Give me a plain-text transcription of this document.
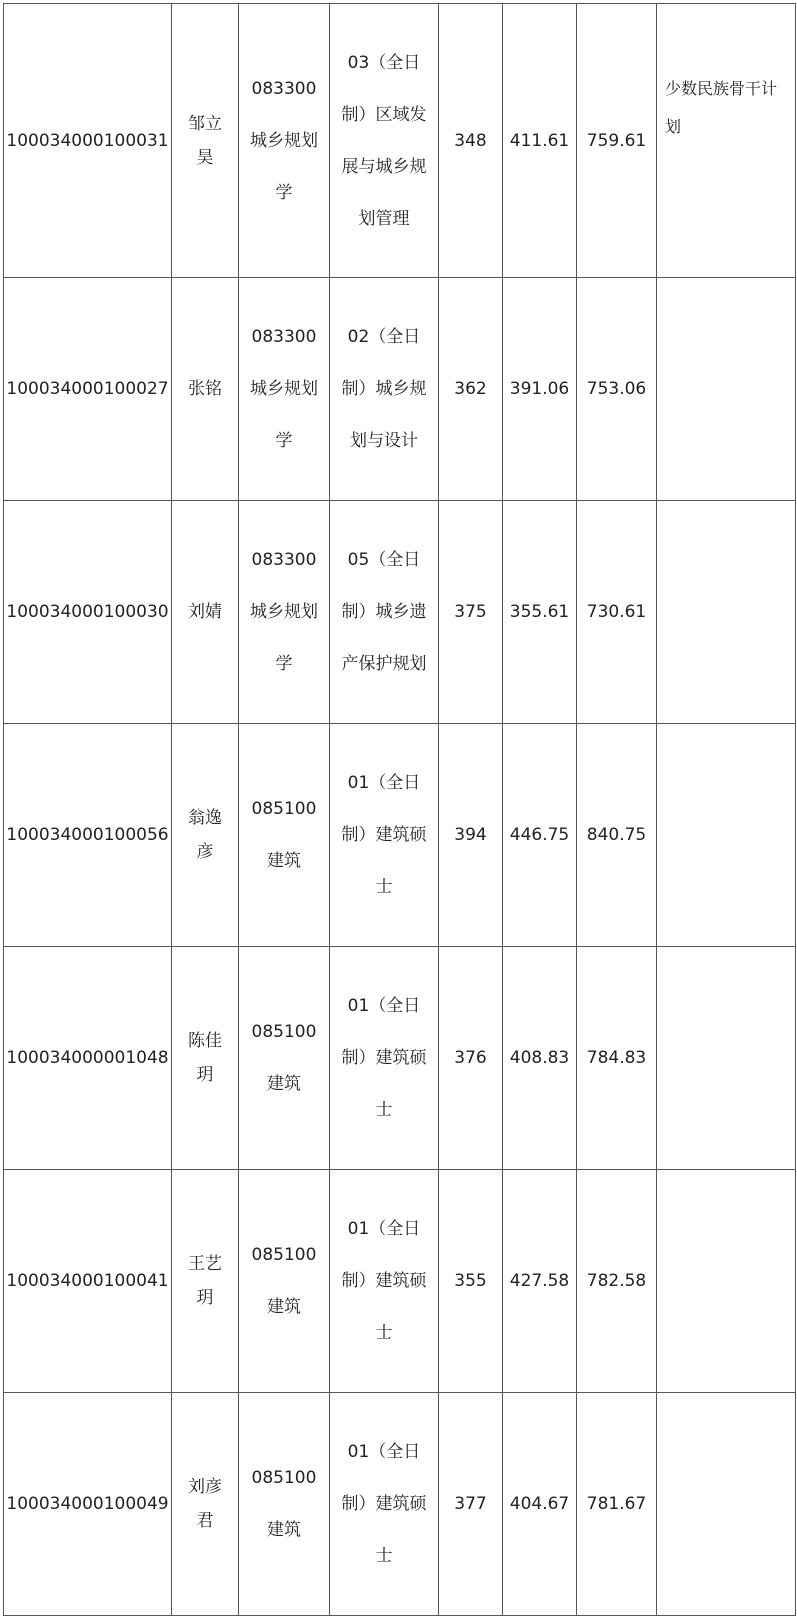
100034000100031	邹立昊	083300 城乡规划学	03（全日制）区域发展与城乡规划管理	348	411.61	759.61	少数民族骨干计划
100034000100027	张铭	083300 城乡规划学	02（全日制）城乡规划与设计	362	391.06	753.06	
100034000100030	刘婧	083300 城乡规划学	05（全日制）城乡遗产保护规划	375	355.61	730.61	
100034000100056	翁逸彦	085100 建筑	01（全日制）建筑硕士	394	446.75	840.75	
100034000001048	陈佳玥	085100 建筑	01（全日制）建筑硕士	376	408.83	784.83	
100034000100041	王艺玥	085100 建筑	01（全日制）建筑硕士	355	427.58	782.58	
100034000100049	刘彦君	085100 建筑	01（全日制）建筑硕士	377	404.67	781.67	
